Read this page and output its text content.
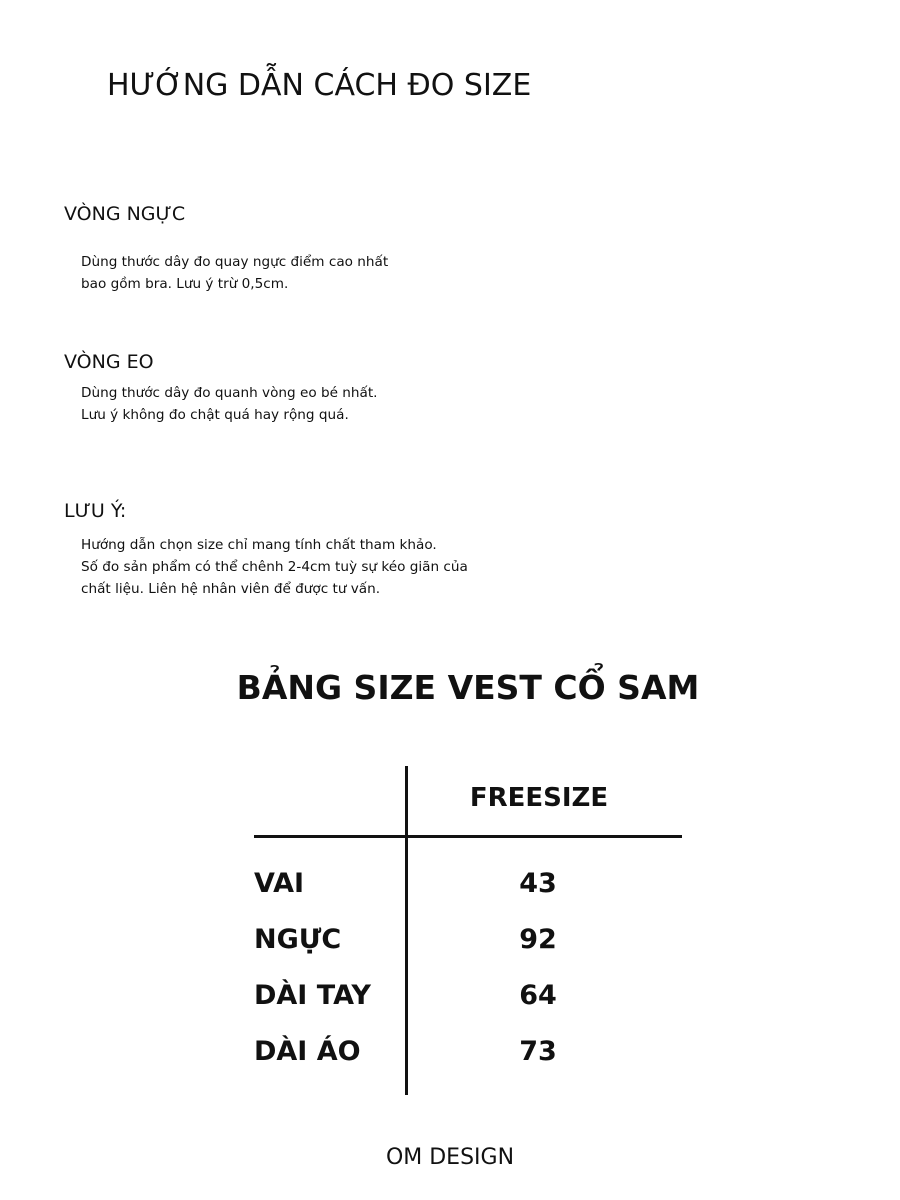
HƯỚNG DẪN CÁCH ĐO SIZE
VÒNG NGỰC
Dùng thước dây đo quay ngực điểm cao nhất
bao gồm bra. Lưu ý trừ 0,5cm.
VÒNG EO
Dùng thước dây đo quanh vòng eo bé nhất.
Lưu ý không đo chật quá hay rộng quá.
LƯU Ý:
Hướng dẫn chọn size chỉ mang tính chất tham khảo.
Số đo sản phẩm có thể chênh 2-4cm tuỳ sự kéo giãn của
chất liệu. Liên hệ nhân viên để được tư vấn.
BẢNG SIZE VEST CỔ SAM
FREESIZE
VAI	43
NGỰC	92
DÀI TAY	64
DÀI ÁO	73
OM DESIGN
